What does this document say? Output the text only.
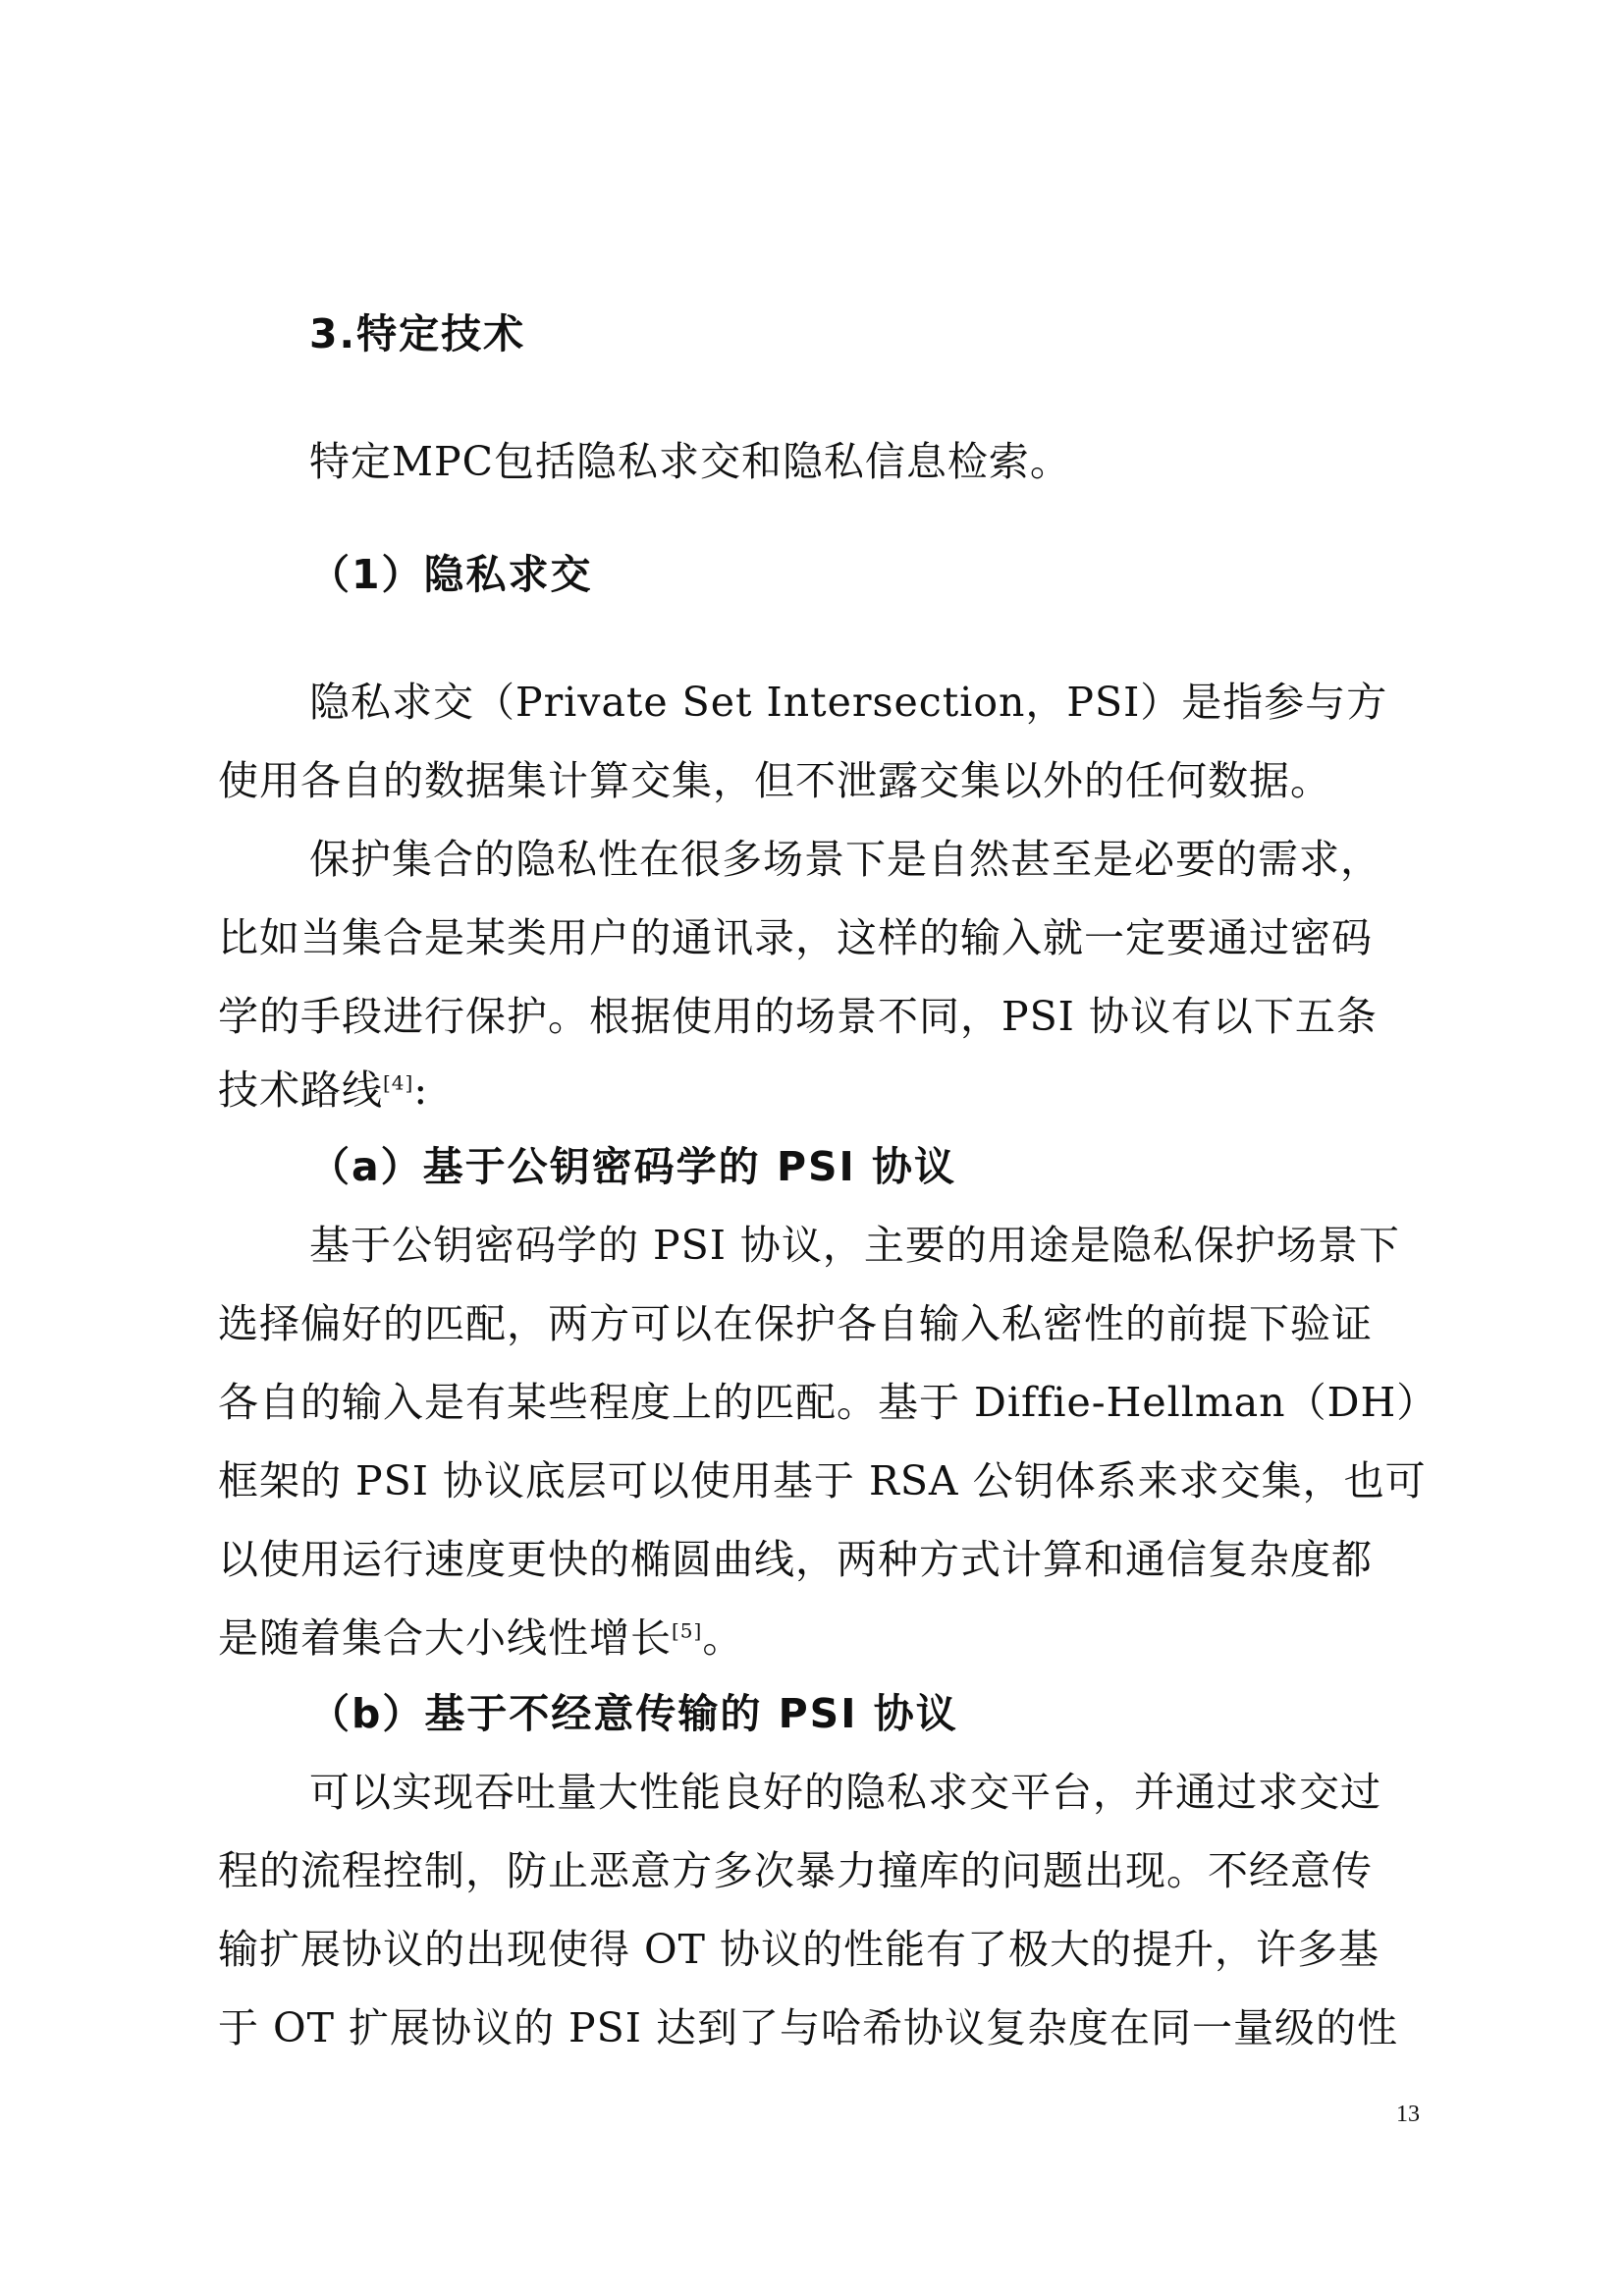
3.特定技术

特定MPC包括隐私求交和隐私信息检索。

（1）隐私求交

隐私求交（Private Set Intersection，PSI）是指参与方

使用各自的数据集计算交集，但不泄露交集以外的任何数据。

保护集合的隐私性在很多场景下是自然甚至是必要的需求，

比如当集合是某类用户的通讯录，这样的输入就一定要通过密码

学的手段进行保护。根据使用的场景不同，PSI 协议有以下五条

技术路线[4]:

（a）基于公钥密码学的 PSI 协议

基于公钥密码学的 PSI 协议，主要的用途是隐私保护场景下

选择偏好的匹配，两方可以在保护各自输入私密性的前提下验证

各自的输入是有某些程度上的匹配。基于 Diffie-Hellman（DH）

框架的 PSI 协议底层可以使用基于 RSA 公钥体系来求交集，也可

以使用运行速度更快的椭圆曲线，两种方式计算和通信复杂度都

是随着集合大小线性增长[5]。

（b）基于不经意传输的 PSI 协议

可以实现吞吐量大性能良好的隐私求交平台，并通过求交过

程的流程控制，防止恶意方多次暴力撞库的问题出现。不经意传

输扩展协议的出现使得 OT 协议的性能有了极大的提升，许多基

于 OT 扩展协议的 PSI 达到了与哈希协议复杂度在同一量级的性

13
